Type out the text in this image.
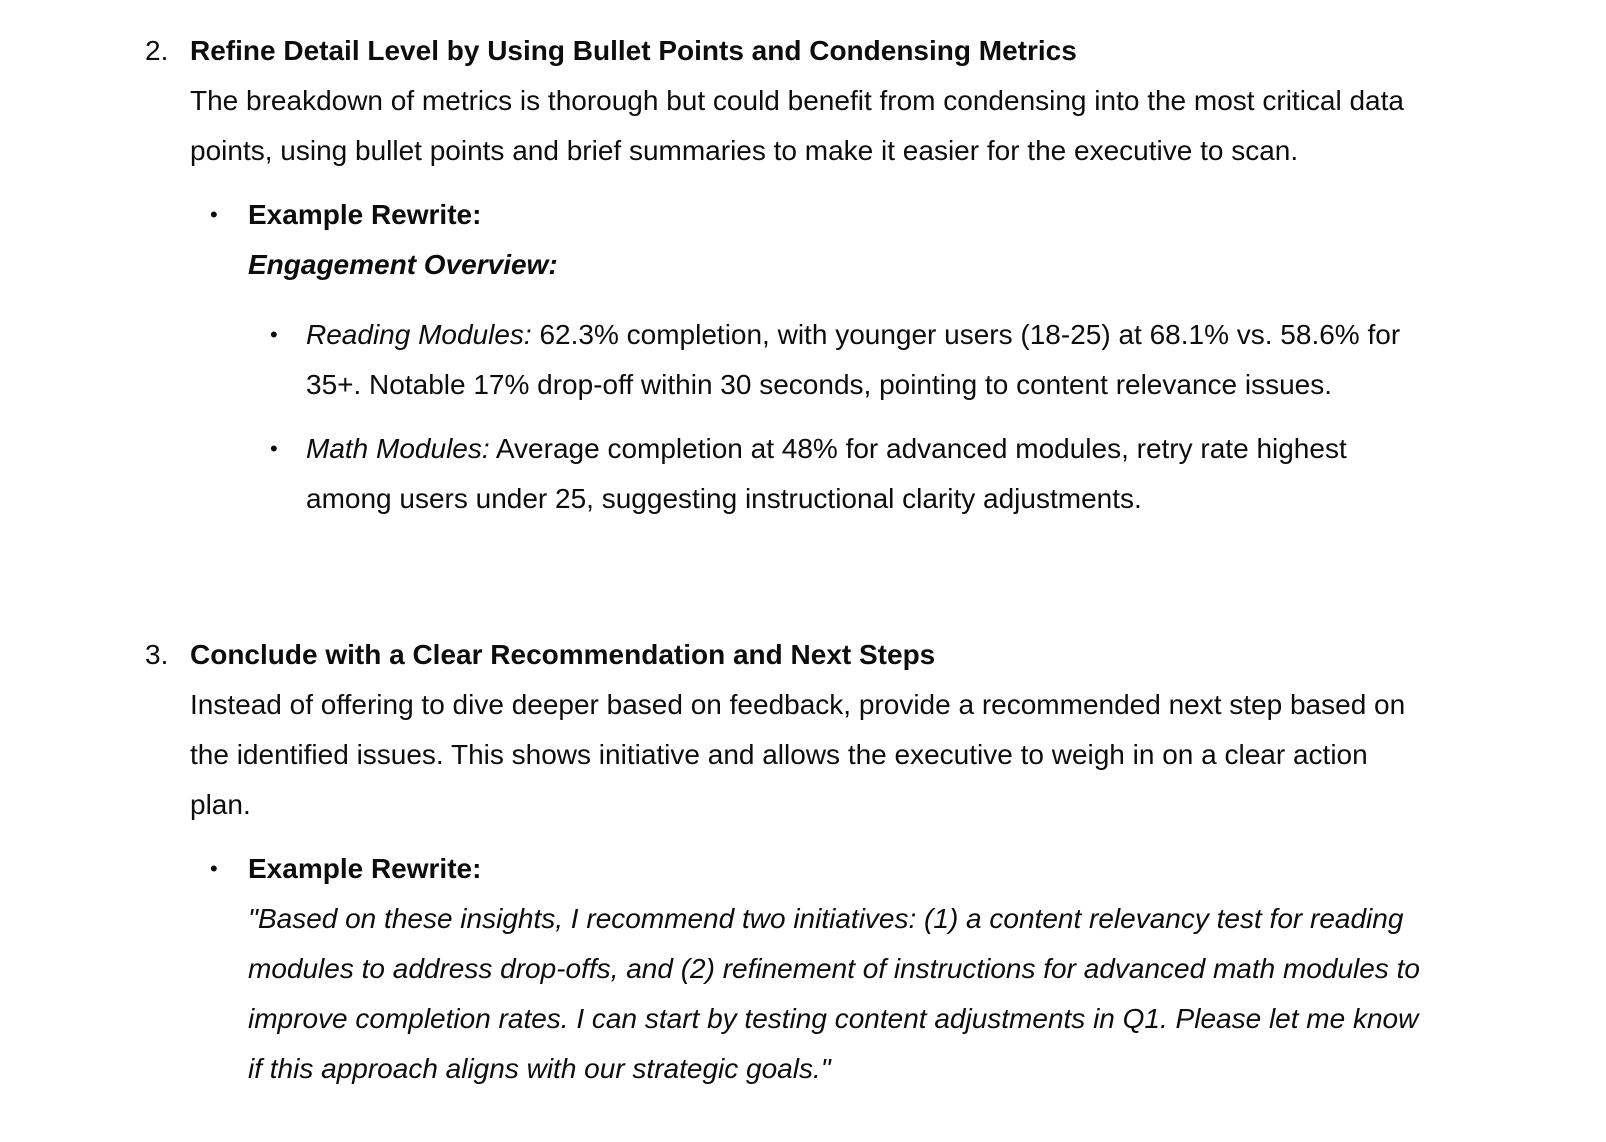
2. Refine Detail Level by Using Bullet Points and Condensing Metrics
The breakdown of metrics is thorough but could benefit from condensing into the most critical data points, using bullet points and brief summaries to make it easier for the executive to scan.
• Example Rewrite:
Engagement Overview:
• Reading Modules: 62.3% completion, with younger users (18-25) at 68.1% vs. 58.6% for 35+. Notable 17% drop-off within 30 seconds, pointing to content relevance issues.
• Math Modules: Average completion at 48% for advanced modules, retry rate highest among users under 25, suggesting instructional clarity adjustments.
3. Conclude with a Clear Recommendation and Next Steps
Instead of offering to dive deeper based on feedback, provide a recommended next step based on the identified issues. This shows initiative and allows the executive to weigh in on a clear action plan.
• Example Rewrite:
"Based on these insights, I recommend two initiatives: (1) a content relevancy test for reading modules to address drop-offs, and (2) refinement of instructions for advanced math modules to improve completion rates. I can start by testing content adjustments in Q1. Please let me know if this approach aligns with our strategic goals."
